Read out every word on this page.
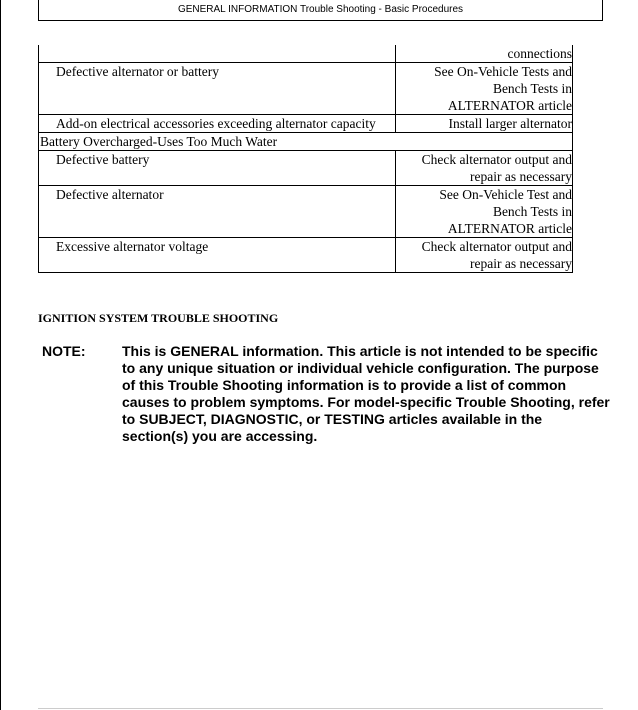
GENERAL INFORMATION Trouble Shooting - Basic Procedures
	connections
Defective alternator or battery	See On-Vehicle Tests and Bench Tests in ALTERNATOR article

Add-on electrical accessories exceeding alternator capacity	Install larger alternator
Battery Overcharged-Uses Too Much Water	
Defective battery	Check alternator output and repair as necessary
Defective alternator	See On-Vehicle Test and Bench Tests in ALTERNATOR article

Excessive alternator voltage	Check alternator output and repair as necessary
IGNITION SYSTEM TROUBLE SHOOTING
NOTE:	This is GENERAL information. This article is not intended to be specific to any unique situation or individual vehicle configuration. The purpose of this Trouble Shooting information is to provide a list of common causes to problem symptoms. For model-specific Trouble Shooting, refer to SUBJECT, DIAGNOSTIC, or TESTING articles available in the section(s) you are accessing.
